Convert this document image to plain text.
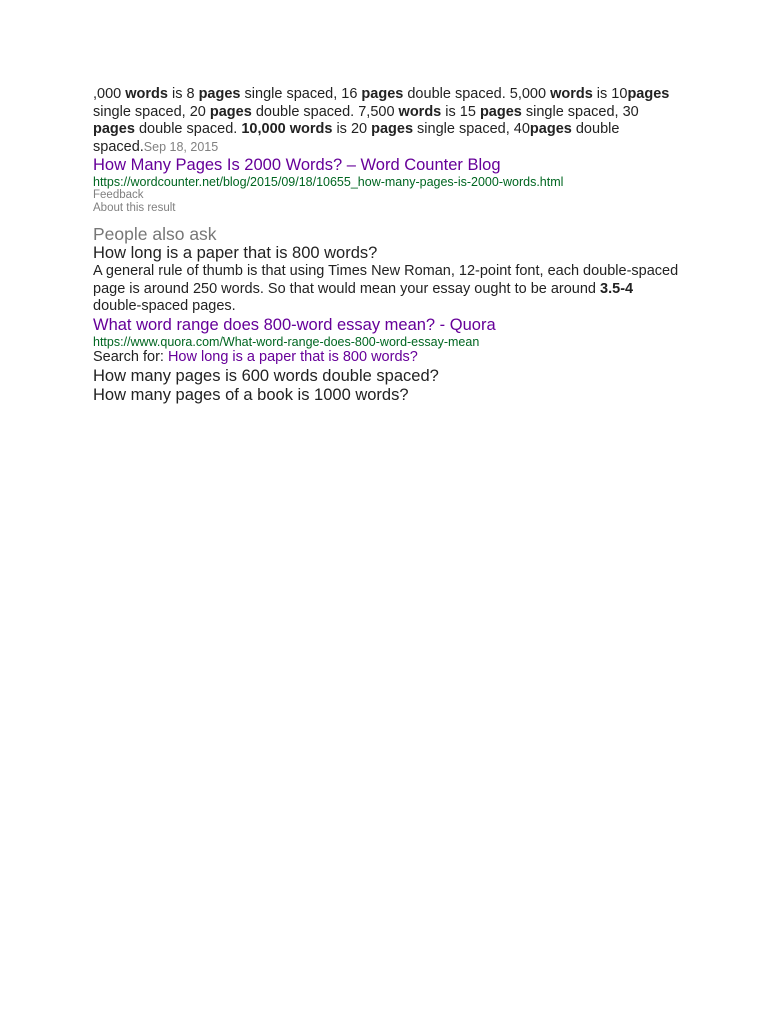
,000 words is 8 pages single spaced, 16 pages double spaced. 5,000 words is 10pages single spaced, 20 pages double spaced. 7,500 words is 15 pages single spaced, 30 pages double spaced. 10,000 words is 20 pages single spaced, 40pages double spaced.Sep 18, 2015

How Many Pages Is 2000 Words? – Word Counter Blog
https://wordcounter.net/blog/2015/09/18/10655_how-many-pages-is-2000-words.html
Feedback
About this result
People also ask

How long is a paper that is 800 words?

A general rule of thumb is that using Times New Roman, 12-point font, each double-spaced page is around 250 words. So that would mean your essay ought to be around 3.5-4 double-spaced pages.

What word range does 800-word essay mean? - Quora
https://www.quora.com/What-word-range-does-800-word-essay-mean
Search for: How long is a paper that is 800 words?

How many pages is 600 words double spaced?

How many pages of a book is 1000 words?
